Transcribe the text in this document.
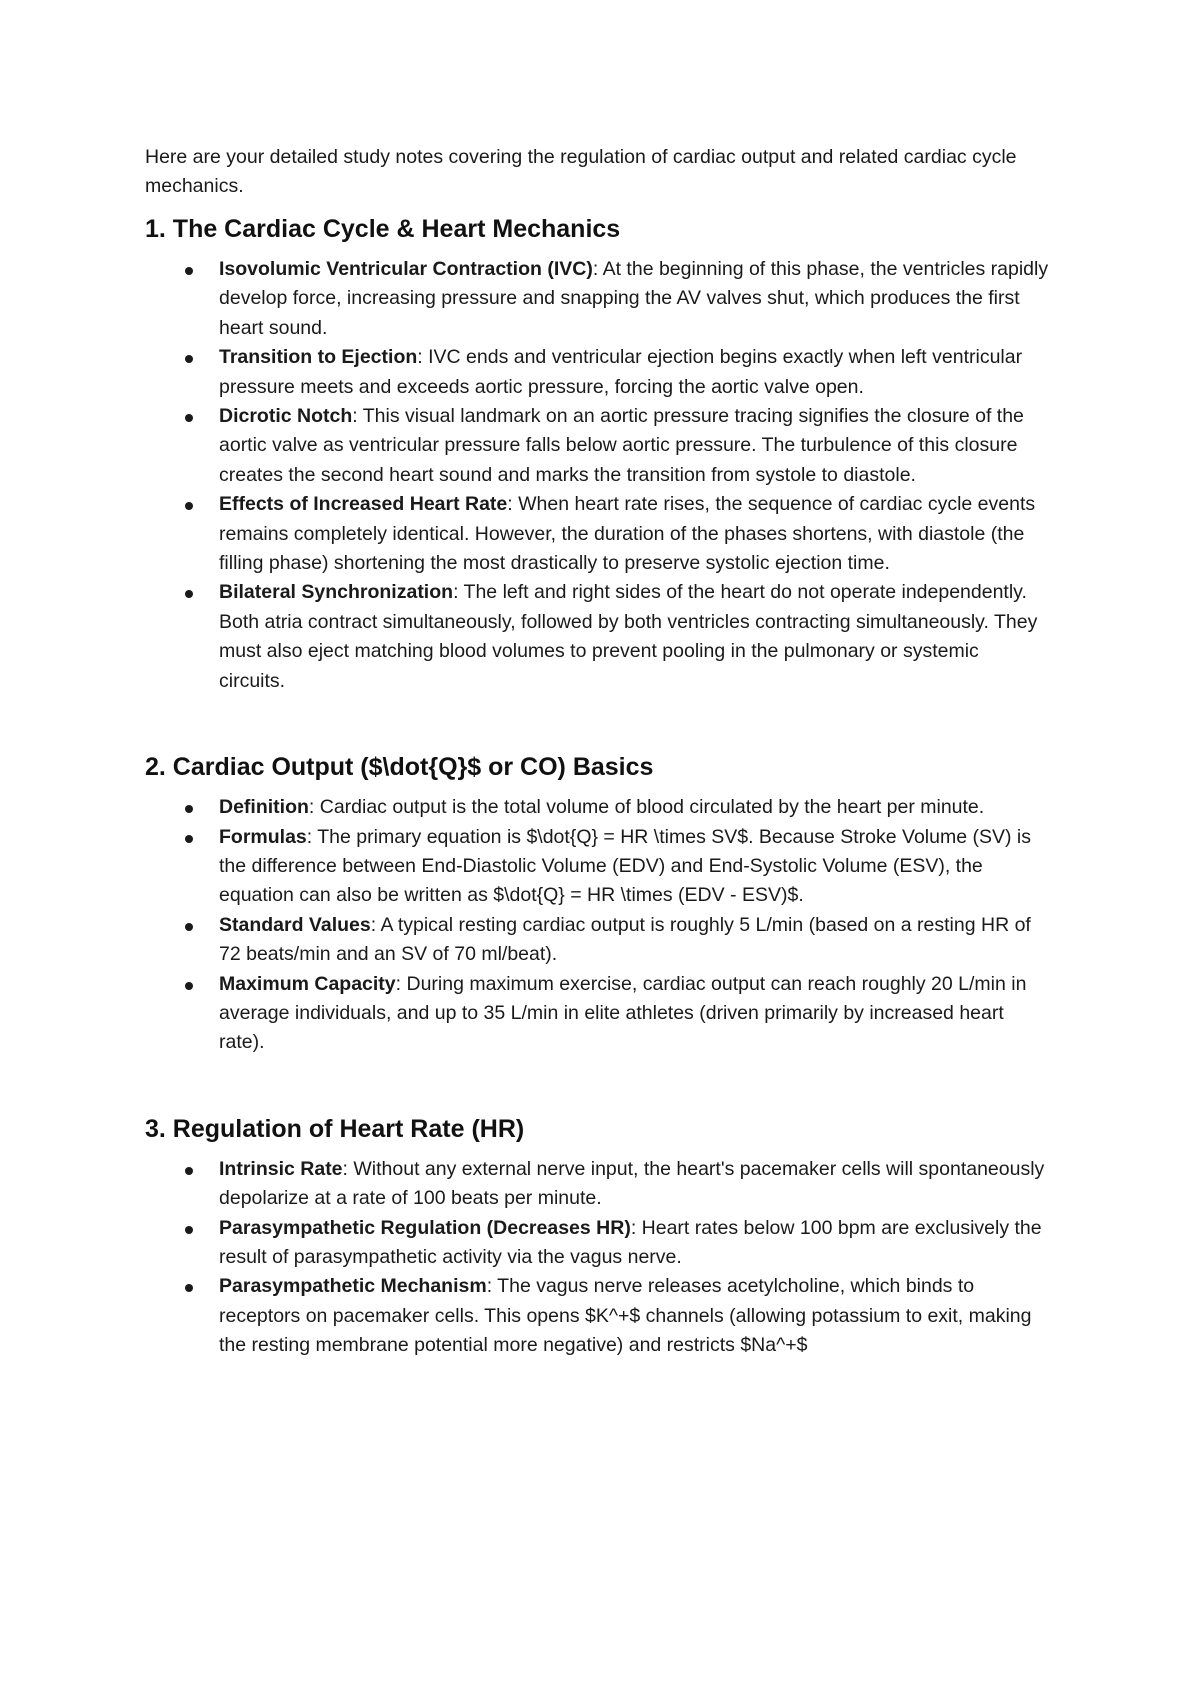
Here are your detailed study notes covering the regulation of cardiac output and related cardiac cycle mechanics.

1. The Cardiac Cycle & Heart Mechanics
Isovolumic Ventricular Contraction (IVC): At the beginning of this phase, the ventricles rapidly develop force, increasing pressure and snapping the AV valves shut, which produces the first heart sound.
Transition to Ejection: IVC ends and ventricular ejection begins exactly when left ventricular pressure meets and exceeds aortic pressure, forcing the aortic valve open.
Dicrotic Notch: This visual landmark on an aortic pressure tracing signifies the closure of the aortic valve as ventricular pressure falls below aortic pressure. The turbulence of this closure creates the second heart sound and marks the transition from systole to diastole.
Effects of Increased Heart Rate: When heart rate rises, the sequence of cardiac cycle events remains completely identical. However, the duration of the phases shortens, with diastole (the filling phase) shortening the most drastically to preserve systolic ejection time.
Bilateral Synchronization: The left and right sides of the heart do not operate independently. Both atria contract simultaneously, followed by both ventricles contracting simultaneously. They must also eject matching blood volumes to prevent pooling in the pulmonary or systemic circuits.
2. Cardiac Output ($\dot{Q}$ or CO) Basics
Definition: Cardiac output is the total volume of blood circulated by the heart per minute.
Formulas: The primary equation is $\dot{Q} = HR \times SV$. Because Stroke Volume (SV) is the difference between End-Diastolic Volume (EDV) and End-Systolic Volume (ESV), the equation can also be written as $\dot{Q} = HR \times (EDV - ESV)$.
Standard Values: A typical resting cardiac output is roughly 5 L/min (based on a resting HR of 72 beats/min and an SV of 70 ml/beat).
Maximum Capacity: During maximum exercise, cardiac output can reach roughly 20 L/min in average individuals, and up to 35 L/min in elite athletes (driven primarily by increased heart rate).
3. Regulation of Heart Rate (HR)
Intrinsic Rate: Without any external nerve input, the heart's pacemaker cells will spontaneously depolarize at a rate of 100 beats per minute.
Parasympathetic Regulation (Decreases HR): Heart rates below 100 bpm are exclusively the result of parasympathetic activity via the vagus nerve.
Parasympathetic Mechanism: The vagus nerve releases acetylcholine, which binds to receptors on pacemaker cells. This opens $K^+$ channels (allowing potassium to exit, making the resting membrane potential more negative) and restricts $Na^+$
